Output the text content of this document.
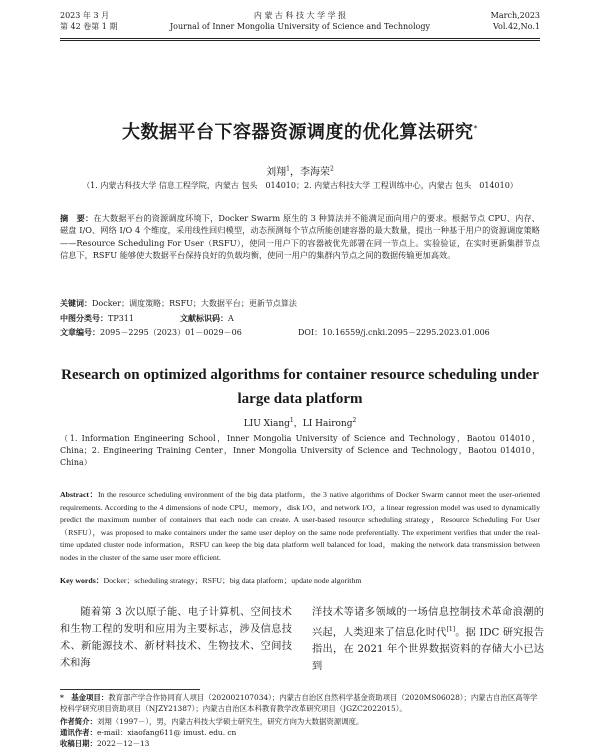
2023 年 3 月
第 42 卷第 1 期
内 蒙 古 科 技 大 学 学 报
Journal of Inner Mongolia University of Science and Technology
March,2023
Vol.42,No.1
大数据平台下容器资源调度的优化算法研究*
刘翔$^1$，李海荣$^2$
（1. 内蒙古科技大学 信息工程学院，内蒙古 包头　014010；2. 内蒙古科技大学 工程训练中心，内蒙古 包头　014010）
摘　要：在大数据平台的资源调度环境下，Docker Swarm 原生的 3 种算法并不能满足面向用户的要求。根据节点 CPU、内存、磁盘 I/O、网络 I/O 4 个维度，采用线性回归模型，动态预测每个节点所能创建容器的最大数量，提出一种基于用户的资源调度策略——Resource Scheduling For User（RSFU），使同一用户下的容器被优先部署在同一节点上。实验验证，在实时更新集群节点信息下，RSFU 能够使大数据平台保持良好的负载均衡，使同一用户的集群内节点之间的数据传输更加高效。
关键词：Docker；调度策略；RSFU；大数据平台；更新节点算法
中图分类号：TP311	文献标识码：A
文章编号：2095－2295（2023）01－0029－06	DOI：10.16559/j.cnki.2095－2295.2023.01.006
Research on optimized algorithms for container resource scheduling under large data platform
LIU Xiang$^1$，LI Hairong$^2$
（1. Information Engineering School，Inner Mongolia University of Science and Technology，Baotou 014010，China；2. Engineering Training Center，Inner Mongolia University of Science and Technology，Baotou 014010，China）
Abstract：In the resource scheduling environment of the big data platform，the 3 native algorithms of Docker Swarm cannot meet the user-oriented requirements. According to the 4 dimensions of node CPU，memory，disk I/O，and network I/O，a linear regression model was used to dynamically predict the maximum number of containers that each node can create. A user-based resource scheduling strategy，Resource Scheduling For User（RSFU），was proposed to make containers under the same user deploy on the same node preferentially. The experiment verifies that under the real-time updated cluster node information，RSFU can keep the big data platform well balanced for load，making the network data transmission between nodes in the cluster of the same user more efficient.
Key words：Docker；scheduling strategy；RSFU；big data platform；update node algorithm
随着第 3 次以原子能、电子计算机、空间技术和生物工程的发明和应用为主要标志，涉及信息技术、新能源技术、新材料技术、生物技术、空间技术和海
洋技术等诸多领域的一场信息控制技术革命浪潮的兴起，人类迎来了信息化时代[1]。据 IDC 研究报告指出，在 2021 年个世界数据资料的存储大小已达到
*　基金项目：教育部产学合作协同育人项目（202002107034）；内蒙古自治区自然科学基金资助项目（2020MS06028）；内蒙古自治区高等学校科学研究项目资助项目（NJZY21387）；内蒙古自治区本科教育教学改革研究项目（JGZC2022015）。
作者简介：刘翔（1997－），男，内蒙古科技大学硕士研究生，研究方向为大数据资源调度。
通讯作者：e-mail：xiaofang611@ imust. edu. cn
收稿日期：2022－12－13
